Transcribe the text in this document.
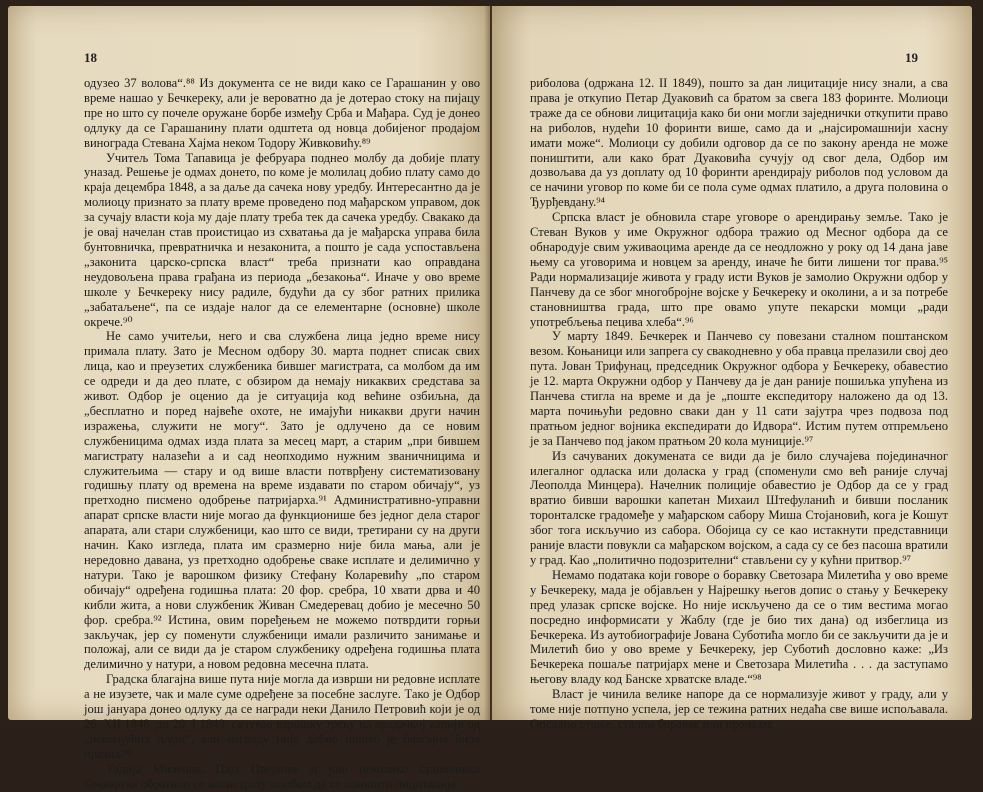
18

одузео 37 волова“.⁸⁸ Из документа се не види како се Гарашанин у ово време нашао у Бечкереку, али је вероватно да је дотерао стоку на пијацу пре но што су почеле оружане борбе између Срба и Мађара. Суд је донео одлуку да се Гарашанину плати одштета од новца добијеног продајом винограда Стевана Хајма неком Тодору Живковићу.⁸⁹

Учитељ Тома Тапавица је фебруара поднео молбу да добије плату уназад. Решење је одмах донето, по коме је молилац добио плату само до краја децембра 1848, а за даље да сачека нову уредбу. Интересантно да је молиоцу признато за плату време проведено под мађарском управом, док за сучају власти која му даје плату треба тек да сачека уредбу. Свакако да је овај начелан став проистицао из схватања да је мађарска управа била бунтовничка, превратничка и незаконита, а пошто је сада успостављена „законита царско-српска власт“ треба признати као оправдана неудовољена права грађана из периода „безакоња“. Иначе у ово време школе у Бечкереку нису радиле, будући да су због ратних прилика „забатаљене“, па се издаје налог да се елементарне (основне) школе окрече.⁹⁰

Не само учитељи, него и сва службена лица једно време нису примала плату. Зато је Месном одбору 30. марта поднет списак свих лица, као и преузетих службеника бившег магистрата, са молбом да им се одреди и да део плате, с обзиром да немају никаквих средстава за живот. Одбор је оценио да је ситуација код већине озбиљна, да „бесплатно и поред највеће охоте, не имајући никакви други начин изражења, служити не могу“. Зато је одлучено да се новим службеницима одмах изда плата за месец март, а старим „при бившем магистрату налазећи а и сад неопходимо нужним званичницима и служитељима — стару и од више власти потврђену систематизовану годишњу плату од времена на време издавати по старом обичају“, уз претходно писмено одобрење патријарха.⁹¹ Административно-управни апарат српске власти није могао да функционише без једног дела старог апарата, али стари службеници, као што се види, третирани су на други начин. Како изгледа, плата им сразмерно није била мања, али је нередовно давана, уз претходно одобрење сваке исплате и делимично у натури. Тако је варошком физику Стефану Коларевићу „по старом обичају“ одређена годишња плата: 20 фор. сребра, 10 хвати дрва и 40 кибли жита, а нови службеник Живан Смедеревац добио је месечно 50 фор. сребра.⁹² Истина, овим поређењем не можемо потврдити горњи закључак, јер су поменути службеници имали различито занимање и положај, али се види да је старом службенику одређена годишња плата делимично у натури, а новом редовна месечна плата.

Градска благајна више пута није могла да изврши ни редовне исплате а не изузете, чак и мале суме одређене за посебне заслуге. Тако је Одбор још јануара донео одлуку да се награди неки Данило Петровић који је од 26. XII 1848. до 20. I 1849. сачувао варошку трску на арадачкој капији од „невмајућих људи“, али награду није добио пошто је благајна била празна.⁹³

Тадија Миленов, Паја Цвејанов и још неколико становника Бечкерека обратило се магистрату молбом да се поништи лицитација

19

риболова (одржана 12. II 1849), пошто за дан лицитације нису знали, а сва права је откупио Петар Дуаковић са братом за свега 183 форинте. Молиоци траже да се обнови лицитација како би они могли заједнички откупити право на риболов, нудећи 10 форинти више, само да и „најсиромашнији хасну имати може“. Молиоци су добили одговор да се по закону аренда не може поништити, али како брат Дуаковића сучују од свог дела, Одбор им дозвољава да уз доплату од 10 форинти арендирају риболов под условом да се начини уговор по коме би се пола суме одмах платило, а друга половина о Ђурђевдану.⁹⁴

Српска власт је обновила старе уговоре о арендирању земље. Тако је Стеван Вуков у име Окружног одбора тражио од Месног одбора да се обнарoдује свим уживаоцима аренде да се неодложно у року од 14 дана јаве њему са уговорима и новцем за аренду, иначе ће бити лишени тог права.⁹⁵ Ради нормализације живота у граду исти Вуков је замолио Окружни одбор у Панчеву да се због многобројне војске у Бечкереку и околини, а и за потребе становништва града, што пре овамо упуте пекарски момци „ради употребљења пецива хлеба“.⁹⁶

У марту 1849. Бечкерек и Панчево су повезани сталном поштанском везом. Коњаници или запрега су свакодневно у оба правца прелазили свој део пута. Јован Трифунац, председник Окружног одбора у Бечкереку, обавестио је 12. марта Окружни одбор у Панчеву да је дан раније пошиљка упућена из Панчева стигла на време и да је „поште експедитору наложено да од 13. марта почињући редовно сваки дан у 11 сати зајутра чрез подвоза под пратњом једног војника експедирати до Идвора“. Истим путем отпремљено је за Панчево под јаком пратњом 20 кола муниције.⁹⁷

Из сачуваних докумената се види да је било случајева појединачног илегалног одласка или доласка у град (споменули смо већ раније случај Леополда Минцера). Начелник полиције обавестио је Одбор да се у град вратио бивши варошки капетан Михаил Штефуланић и бивши посланик торонталске градомеђе у мађарском сабору Миша Стојановић, кога је Кошут због тога искључио из сабора. Обојица су се као истакнути представници раније власти повукли са мађарском војском, а сада су се без пасоша вратили у град. Као „политично подозрителни“ стављени су у кућни притвор.⁹⁷

Немамо података који говоре о боравку Светозара Милетића у ово време у Бечкереку, мада је објављен у Најрешку његов допис о стању у Бечкереку пред улазак српске војске. Но није искључено да се о тим вестима могао посредно информисати у Жаблу (где је био тих дана) од избеглица из Бечкерека. Из аутобиографије Јована Суботића могло би се закључити да је и Милетић био у ово време у Бечкереку, јер Суботић дословно каже: „Из Бечкерека пошаље патријарх мене и Светозара Милетића . . . да заступамо његову владу код Банске хрватске владе.“⁹⁸

Власт је чинила велике напоре да се нормализује живот у граду, али у томе није потпуно успела, јер се тежина ратних недаћа све више испољавала. Опсадно стање, стални боравак или пролазак
